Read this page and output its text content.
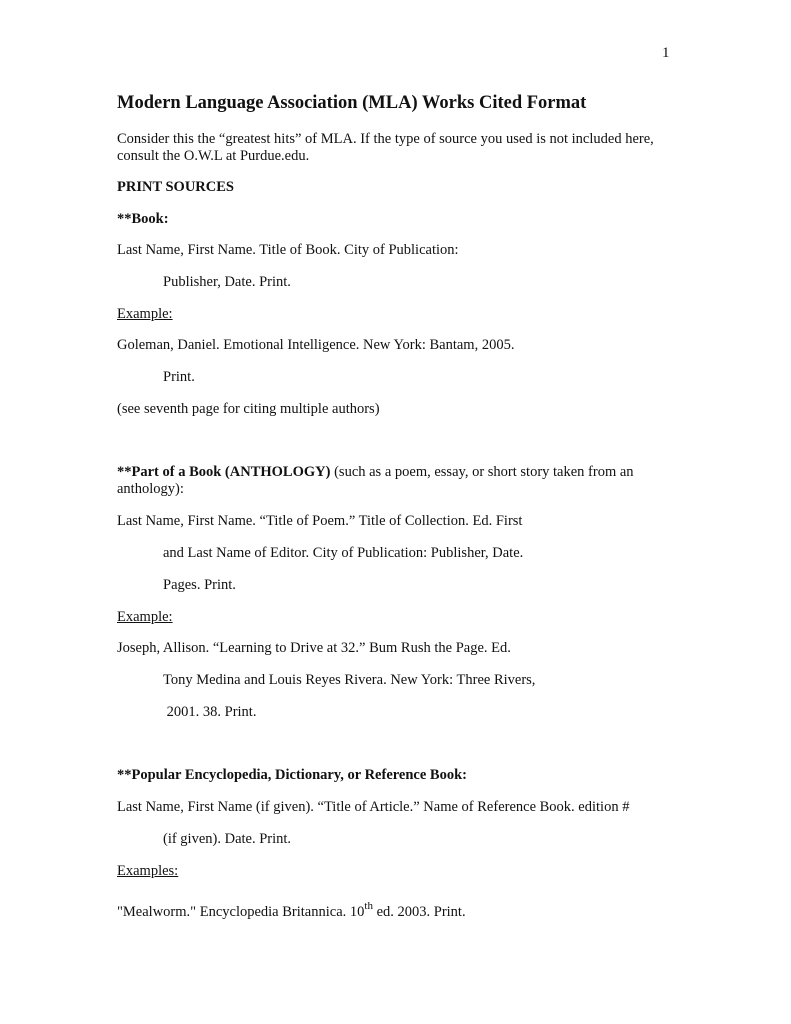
1
Modern Language Association (MLA) Works Cited Format
Consider this the “greatest hits” of MLA. If the type of source you used is not included here,
consult the O.W.L at Purdue.edu.
PRINT SOURCES
**Book:
Last Name, First Name. Title of Book. City of Publication:
Publisher, Date. Print.
Example:
Goleman, Daniel. Emotional Intelligence. New York: Bantam, 2005.
Print.
(see seventh page for citing multiple authors)
**Part of a Book (ANTHOLOGY) (such as a poem, essay, or short story taken from an
anthology):
Last Name, First Name. “Title of Poem.” Title of Collection. Ed. First
and Last Name of Editor. City of Publication: Publisher, Date.
Pages. Print.
Example:
Joseph, Allison. “Learning to Drive at 32.” Bum Rush the Page. Ed.
Tony Medina and Louis Reyes Rivera. New York: Three Rivers,
2001. 38. Print.
**Popular Encyclopedia, Dictionary, or Reference Book:
Last Name, First Name (if given). “Title of Article.” Name of Reference Book. edition #
(if given). Date. Print.
Examples:
"Mealworm." Encyclopedia Britannica. 10th ed. 2003. Print.
